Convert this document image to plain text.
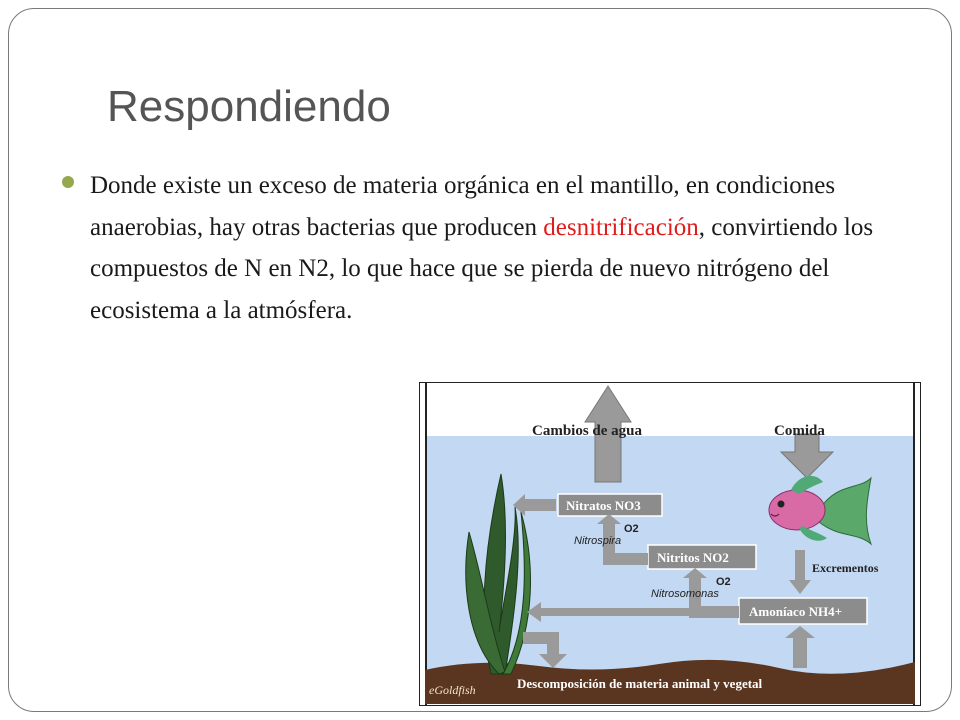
Respondiendo

Donde existe un exceso de materia orgánica en el mantillo, en condiciones anaerobias, hay otras bacterias que producen desnitrificación, convirtiendo los compuestos de N en N2, lo que hace que se pierda de nuevo nitrógeno del ecosistema a la atmósfera.

Cambios de agua	Comida
Nitratos NO3
Nitritos NO2
O2
Nitrospira
Amoníaco NH4+
O2
Nitrosomonas
Excrementos
Descomposición de materia animal y vegetal
eGoldfish
